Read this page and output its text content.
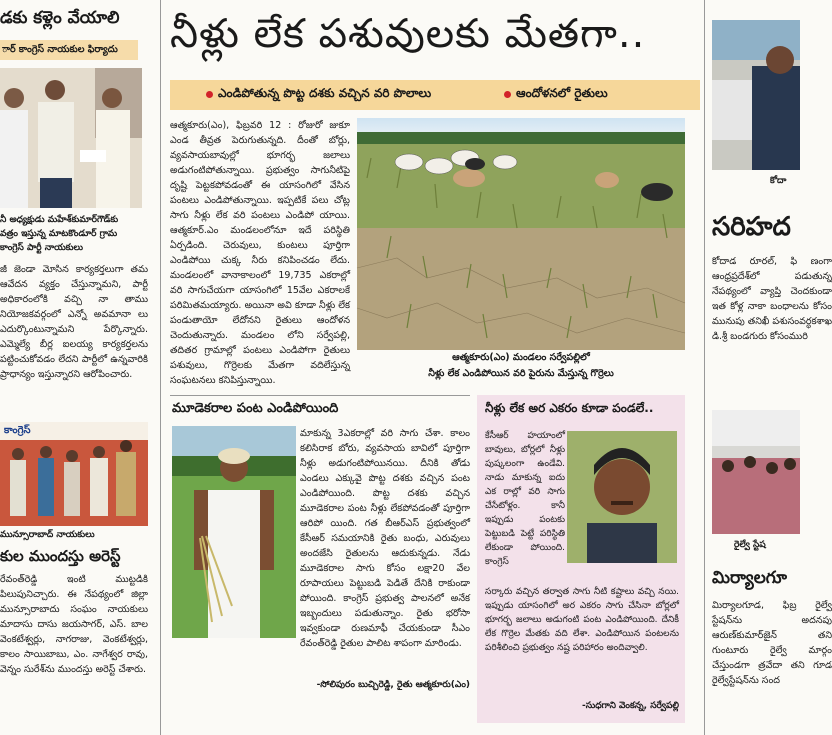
డకు కళ్లెం వేయాలి
ార్ కాంగ్రెస్ నాయకుల ఫిర్యాదు
నీ అధ్యక్షుడు మహేశ్‌కుమార్‌గౌడ్‌కు
వత్రం ఇస్తున్న మాటకొండూర్ గ్రామ
కాంగ్రెస్ పార్టీ నాయకులు
జీ జెండా మోసిన కార్యకర్తలుగా తమ ఆవేదన వ్యక్తం చేస్తున్నామని, పార్టీ అధికారంలోకి వచ్చి నా తాము నియోజకవర్గంలో ఎన్నో అవమానా లు ఎదుర్కొంటున్నామని పేర్కొన్నారు. ఎమ్మెల్యే బీర్ల ఐలయ్య కార్యకర్తలను పట్టించుకోవడం లేదని పార్టీలో ఉన్నవారికి ప్రాధాన్యం ఇస్తున్నారని ఆరోపించారు.
కాంగ్రెస్
మున్సూరాబాద్ నాయకులు
కుల ముందస్తు అరెస్ట్
రేవంత్‌రెడ్డి ఇంటి ముట్టడికి పిలుపునిచ్చారు. ఈ నేపథ్యంలో జిల్లా మున్సూరాబాదు సంఘం నాయకులు మాదాసు దాసు జయసాగర్, ఎస్. బాల వెంకటేశ్వర్లు, నాగరాజు, వెంకటేశ్వర్లు, కాలం సాయిబాబు, ఎం. నాగేశ్వర రావు, వెన్నం సురేశ్‌ను ముందస్తు అరెస్ట్ చేశారు.
నీళ్లు లేక పశువులకు మేతగా..
ఎండిపోతున్న పొట్ట దశకు వచ్చిన వరి పొలాలు	ఆందోళనలో రైతులు
ఆత్మకూరు(ఎం), ఫిబ్రవరి 12 : రోజురో జుకూ ఎండ తీవ్రత పెరుగుతున్నది. దీంతో బోర్లు, వ్యవసాయబావుల్లో భూగర్భ జలాలు అడుగంటిపోతున్నాయి. ప్రభుత్వం సాగునీటిపై దృష్టి పెట్టకపోవడంతో ఈ యాసంగిలో వేసిన పంటలు ఎండిపోతున్నాయి. ఇప్పటికే పలు చోట్ల సాగు నీళ్లు లేక వరి పంటలు ఎండిపో యాయి. ఆత్మకూర్.ఎం మండలంలోనూ ఇదే పరిస్థితి ఏర్పడింది. చెరువులు, కుంటలు పూర్తిగా ఎండిపోయి చుక్క నీరు కనిపించడం లేదు. మండలంలో వానాకాలంలో 19,735 ఎకరాల్లో వరి సాగుచేయగా యాసంగిలో 15వేల ఎకరాలకే పరిమితమయ్యారు. అయినా అవి కూడా నీళ్లు లేక పండుతాయో లేదోనని రైతులు ఆందోళన చెందుతున్నారు. మండలం లోని సర్వేపల్లి, తదితర గ్రామాల్లో పంటలు ఎండిపోగా రైతులు పశువులు, గొర్రెలకు మేతగా వదిలేస్తున్న సంఘటనలు కనిపిస్తున్నాయి.
ఆత్మకూరు(ఎం) మండలం సర్వేపల్లిలో
నీళ్లు లేక ఎండిపోయిన వరి పైరును మేస్తున్న గొర్రెలు
మూడెకరాల పంట ఎండిపోయింది
మాకున్న 3ఎకరాల్లో వరి సాగు చేశా. కాలం కలిసిరాక బోరు, వ్యవసాయ బావిలో పూర్తిగా నీళ్లు అడుగంటిపోయినయి. దీనికి తోడు ఎండలు ఎక్కువై పొట్ట దశకు వచ్చిన పంట ఎండిపోయింది. పొట్ట దశకు వచ్చిన మూడెకరాల పంట నీళ్లు లేకపోవడంతో పూర్తిగా ఆరిపో యింది. గత బీఆర్ఎస్ ప్రభుత్వంలో కేసీఆర్ సమయానికి రైతు బంధు, ఎరువులు అందజేసి రైతులను ఆదుకున్నడు. నేడు మూడెకరాల సాగు కోసం లక్షా20 వేల రూపాయలు పెట్టుబడి పెడితే దేనికి రాకుండా పోయింది. కాంగ్రెస్ ప్రభుత్వ పాలనలో అనేక ఇబ్బందులు పడుతున్నాం. రైతు భరోసా ఇవ్వకుండా రుణమాఫీ చేయకుండా సీఎం రేవంత్‌రెడ్డి రైతుల పాలిట శాపంగా మారిండు.
-సోలిపురం బుచ్చిరెడ్డి, రైతు ఆత్మకూరు(ఎం)
నీళ్లు లేక అర ఎకరం కూడా పండలే..
కేసీఆర్ హయాంలో బావులు, బోర్లలో నీళ్లు పుష్కలంగా ఉండేవి. నాడు మాకున్న ఐదు ఎక రాల్లో వరి సాగు చేసేటోళ్లం. కానీ ఇప్పుడు పంటకు పెట్టుబడి పెట్టే పరిస్థితి లేకుండా పోయింది. కాంగ్రెస్
సర్కారు వచ్చిన తర్వాత సాగు నీటి కష్టాలు వచ్చి నయి. ఇప్పుడు యాసంగిలో అర ఎకరం సాగు చేసినా బోర్లలో భూగర్భ జలాలు అడుగంటి పంట ఎండిపోయింది. దేనికీ లేక గొర్రెల మేతకు వది లేశా. ఎండిపోయిన పంటలను పరిశీలించి ప్రభుత్వం నష్ట పరిహారం అందివ్వాలి.
-సుధగాని వెంకన్న, సర్వేపల్లి
కోదా
సరిహద
కోదాడ రూరల్, ఫి ణంగా ఆంధ్రప్రదేశ్‌లో పడుతున్న నేపథ్యంలో వ్యాప్తి చెందకుండా ఇత కోళ్ల నాకా బంధాలను కోసం మునుపు తనిఖీ పశుసంవర్ధకశాఖ డి.శ్రీ బండగురు కోసంమురి
రైల్వే స్టేష
మిర్యాలగూ
మిర్యాలగూడ, ఫిబ్ర రైల్వే స్టేషన్‌ను అదనపు ఆరుణ్‌కుమార్‌జైన్ తని గుంటూరు రైల్వే మార్గం చేస్తుండగా త్రవేదా తని గూడ రైల్వేస్టేషన్‌ను సంద
